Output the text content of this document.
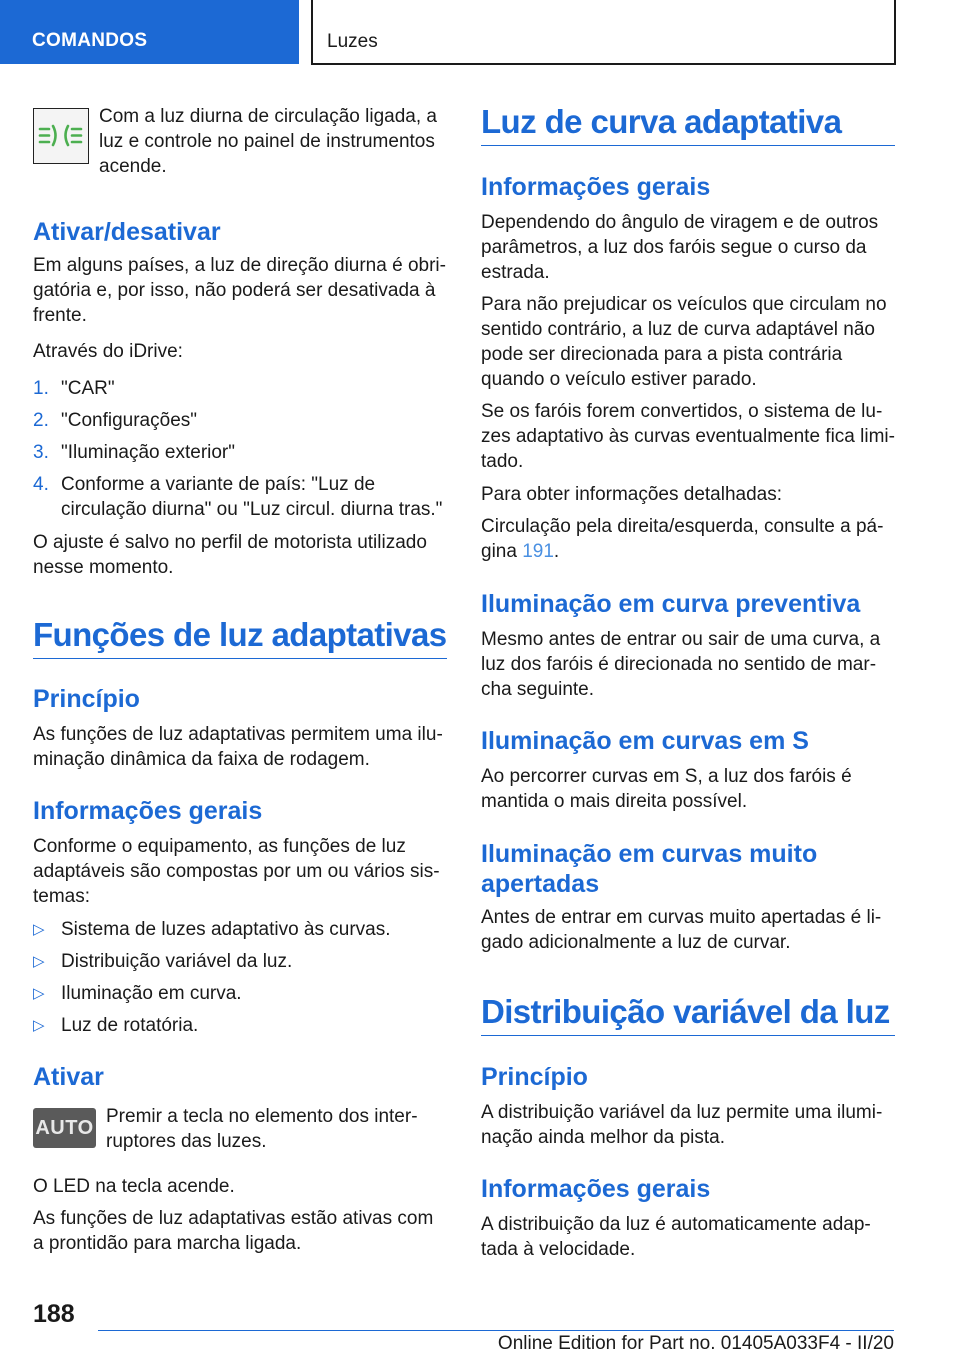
COMANDOS	Luzes
Com a luz diurna de circulação ligada, a luz e controle no painel de instrumentos acende.
Ativar/desativar
Em alguns países, a luz de direção diurna é obrigatória e, por isso, não poderá ser desativada à frente.
Através do iDrive:
1. "CAR"
2. "Configurações"
3. "Iluminação exterior"
4. Conforme a variante de país: "Luz de circulação diurna" ou "Luz circul. diurna tras."
O ajuste é salvo no perfil de motorista utilizado nesse momento.
Funções de luz adaptativas
Princípio
As funções de luz adaptativas permitem uma iluminação dinâmica da faixa de rodagem.
Informações gerais
Conforme o equipamento, as funções de luz adaptáveis são compostas por um ou vários sistemas:
▷ Sistema de luzes adaptativo às curvas.
▷ Distribuição variável da luz.
▷ Iluminação em curva.
▷ Luz de rotatória.
Ativar
Premir a tecla no elemento dos interruptores das luzes.
O LED na tecla acende.
As funções de luz adaptativas estão ativas com a prontidão para marcha ligada.
AUTO
Luz de curva adaptativa
Informações gerais
Dependendo do ângulo de viragem e de outros parâmetros, a luz dos faróis segue o curso da estrada.
Para não prejudicar os veículos que circulam no sentido contrário, a luz de curva adaptável não pode ser direcionada para a pista contrária quando o veículo estiver parado.
Se os faróis forem convertidos, o sistema de luzes adaptativo às curvas eventualmente fica limitado.
Para obter informações detalhadas:
Circulação pela direita/esquerda, consulte a página 191.
Iluminação em curva preventiva
Mesmo antes de entrar ou sair de uma curva, a luz dos faróis é direcionada no sentido de marcha seguinte.
Iluminação em curvas em S
Ao percorrer curvas em S, a luz dos faróis é mantida o mais direita possível.
Iluminação em curvas muito apertadas
Antes de entrar em curvas muito apertadas é ligado adicionalmente a luz de curvar.
Distribuição variável da luz
Princípio
A distribuição variável da luz permite uma iluminação ainda melhor da pista.
Informações gerais
A distribuição da luz é automaticamente adaptada à velocidade.
188
Online Edition for Part no. 01405A033F4 - II/20
